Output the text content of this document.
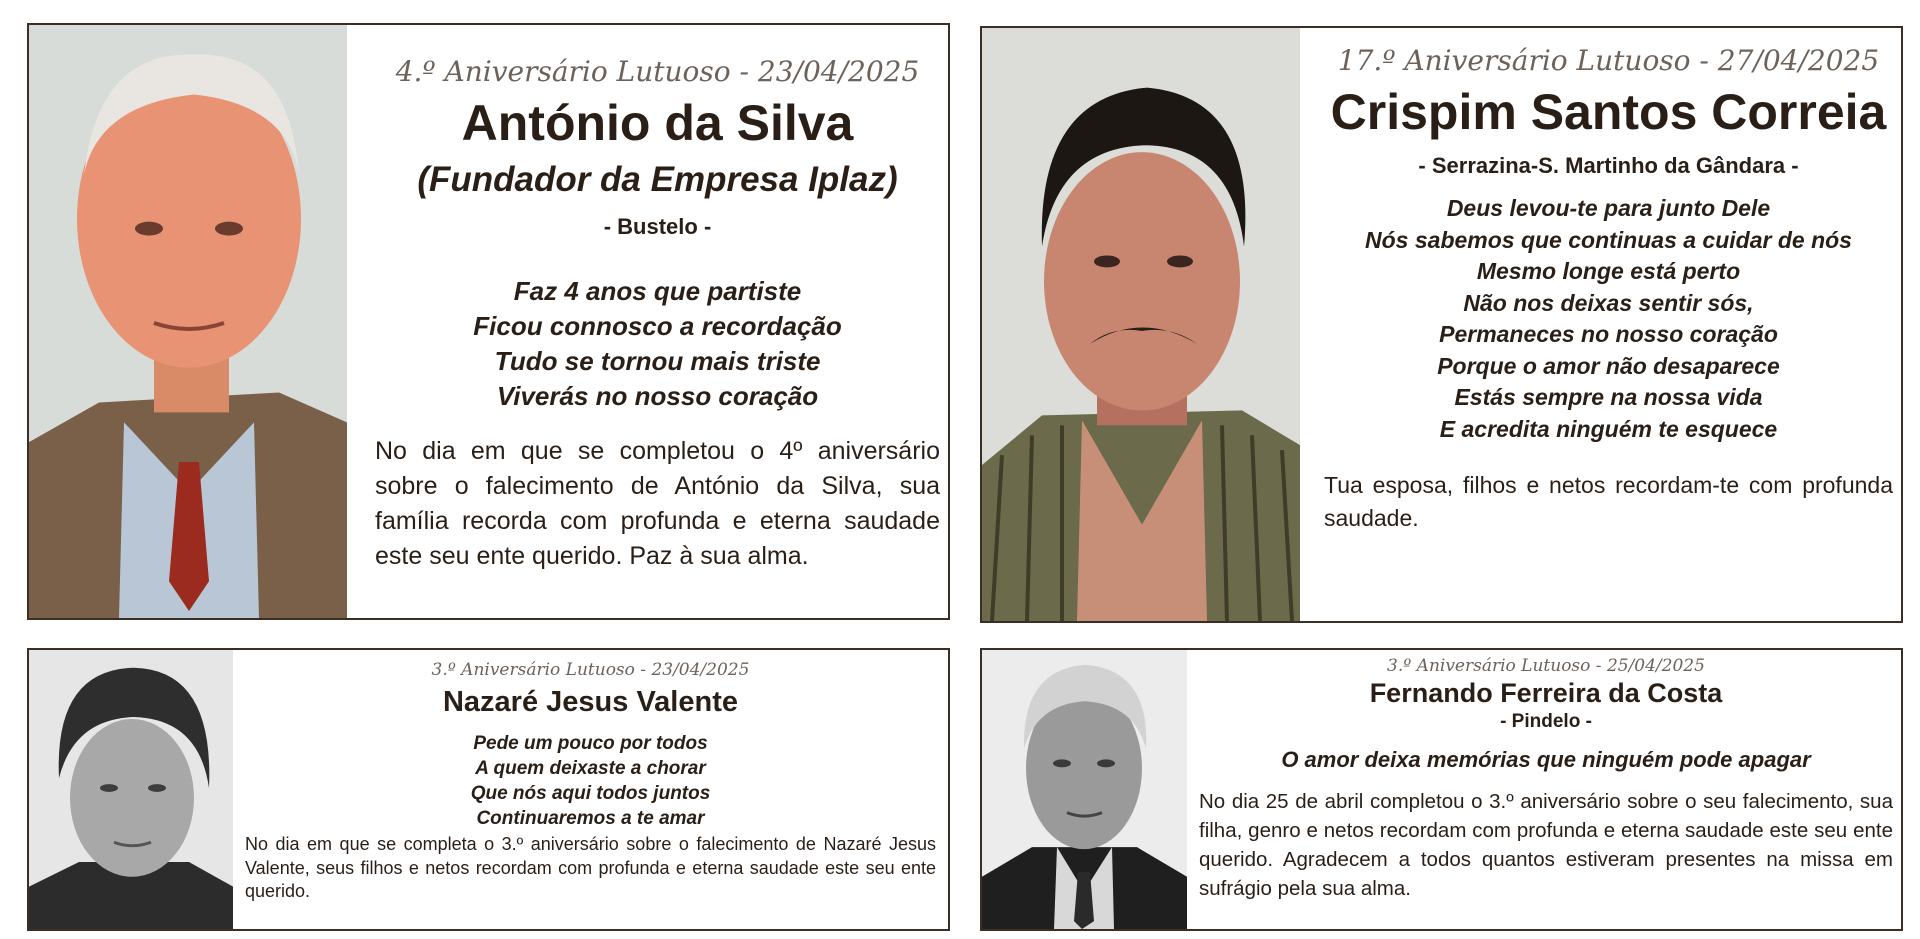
4.º Aniversário Lutuoso - 23/04/2025

António da Silva

(Fundador da Empresa Iplaz)

- Bustelo -

Faz 4 anos que partiste
Ficou connosco a recordação
Tudo se tornou mais triste
Viverás no nosso coração

No dia em que se completou o 4º aniversário sobre o falecimento de António da Silva, sua família recorda com profunda e eterna saudade este seu ente querido. Paz à sua alma.

17.º Aniversário Lutuoso - 27/04/2025

Crispim Santos Correia

- Serrazina-S. Martinho da Gândara -

Deus levou-te para junto Dele
Nós sabemos que continuas a cuidar de nós
Mesmo longe está perto
Não nos deixas sentir sós,
Permaneces no nosso coração
Porque o amor não desaparece
Estás sempre na nossa vida
E acredita ninguém te esquece

Tua esposa, filhos e netos recordam-te com profunda saudade.

3.º Aniversário Lutuoso - 23/04/2025

Nazaré Jesus Valente

Pede um pouco por todos
A quem deixaste a chorar
Que nós aqui todos juntos
Continuaremos a te amar

No dia em que se completa o 3.º aniversário sobre o falecimento de Nazaré Jesus Valente, seus filhos e netos recordam com profunda e eterna saudade este seu ente querido.

3.º Aniversário Lutuoso - 25/04/2025

Fernando Ferreira da Costa

- Pindelo -

O amor deixa memórias que ninguém pode apagar

No dia 25 de abril completou o 3.º aniversário sobre o seu falecimento, sua filha, genro e netos recordam com profunda e eterna saudade este seu ente querido. Agradecem a todos quantos estiveram presentes na missa em sufrágio pela sua alma.
